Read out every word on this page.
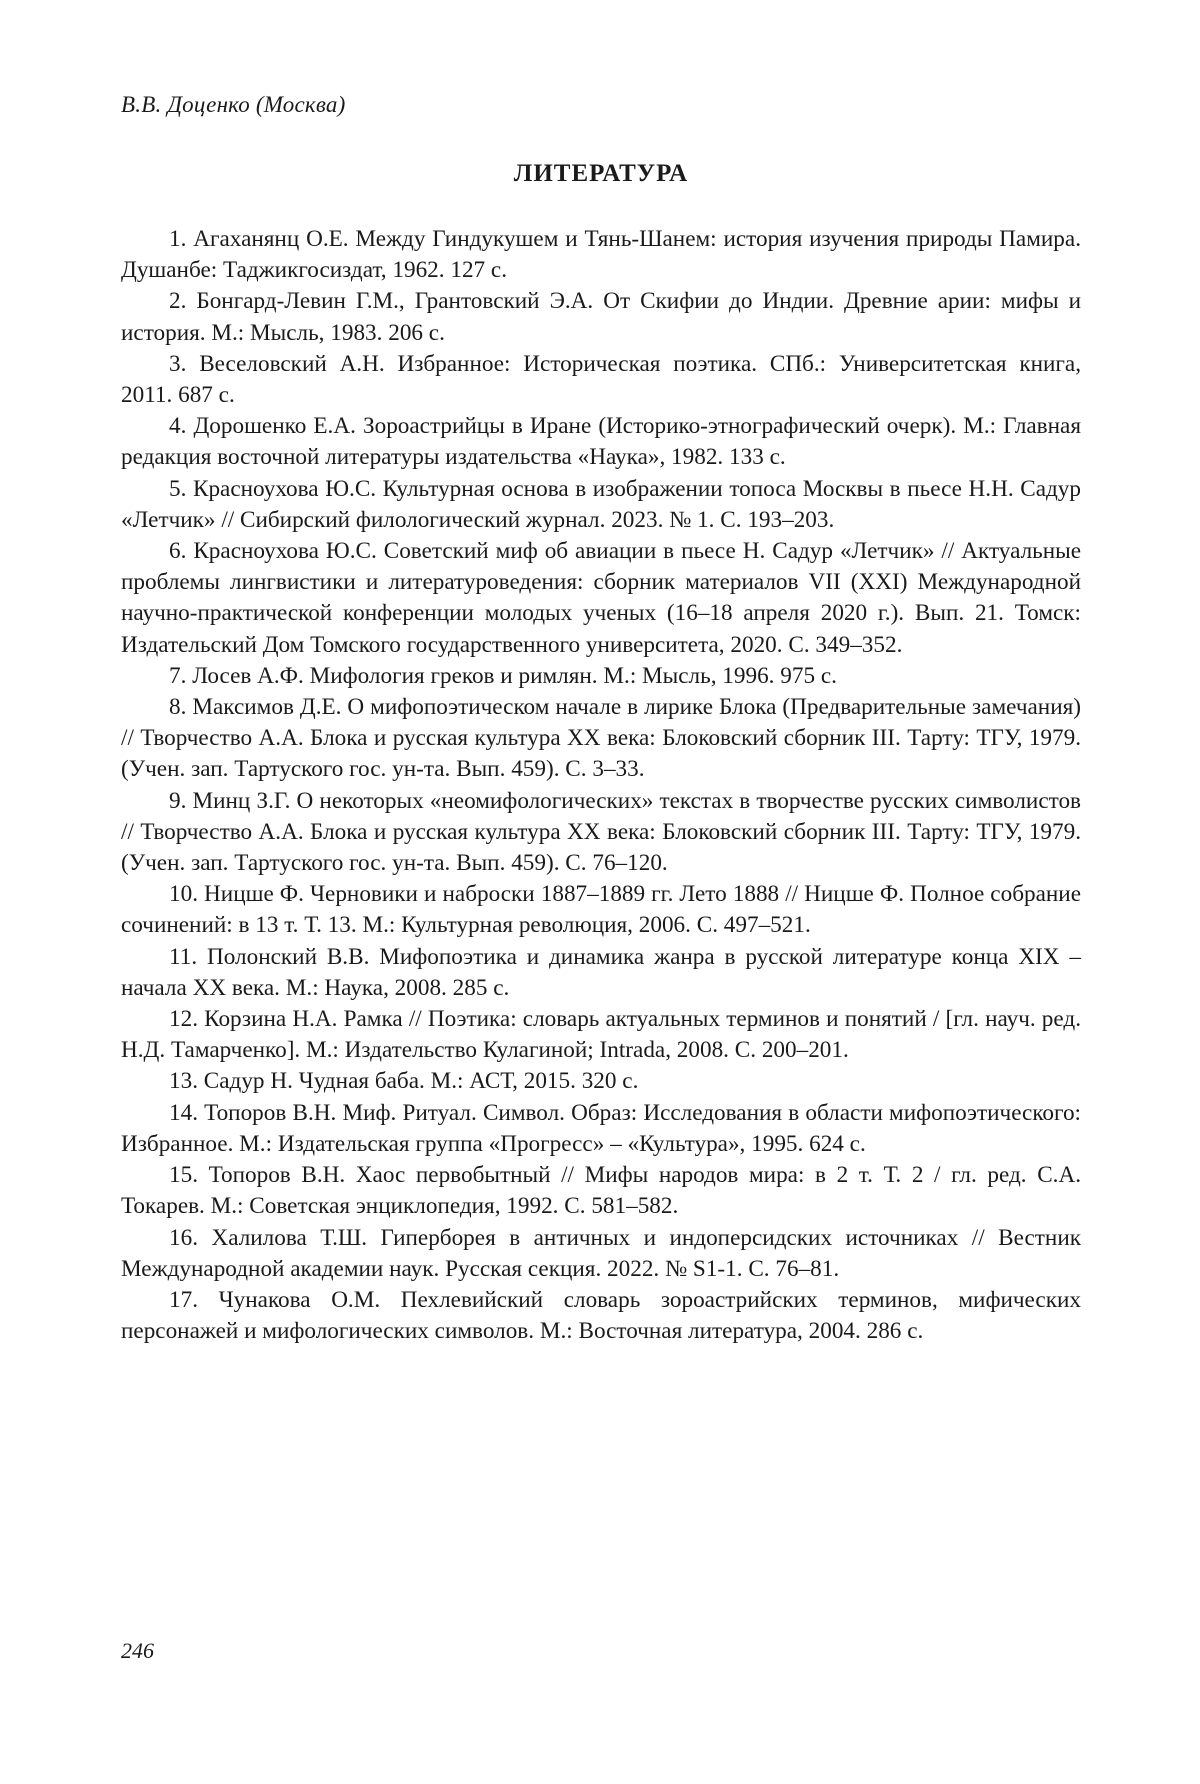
В.В. Доценко (Москва)
ЛИТЕРАТУРА
1. Агаханянц О.Е. Между Гиндукушем и Тянь-Шанем: история изучения природы Памира. Душанбе: Таджикгосиздат, 1962. 127 с.
2. Бонгард-Левин Г.М., Грантовский Э.А. От Скифии до Индии. Древние арии: мифы и история. М.: Мысль, 1983. 206 с.
3. Веселовский А.Н. Избранное: Историческая поэтика. СПб.: Университетская книга, 2011. 687 с.
4. Дорошенко Е.А. Зороастрийцы в Иране (Историко-этнографический очерк). М.: Главная редакция восточной литературы издательства «Наука», 1982. 133 с.
5. Красноухова Ю.С. Культурная основа в изображении топоса Москвы в пьесе Н.Н. Садур «Летчик» // Сибирский филологический журнал. 2023. № 1. С. 193–203.
6. Красноухова Ю.С. Советский миф об авиации в пьесе Н. Садур «Летчик» // Актуальные проблемы лингвистики и литературоведения: сборник материалов VII (XXI) Международной научно-практической конференции молодых ученых (16–18 апреля 2020 г.). Вып. 21. Томск: Издательский Дом Томского государственного университета, 2020. С. 349–352.
7. Лосев А.Ф. Мифология греков и римлян. М.: Мысль, 1996. 975 с.
8. Максимов Д.Е. О мифопоэтическом начале в лирике Блока (Предварительные замечания) // Творчество А.А. Блока и русская культура XX века: Блоковский сборник III. Тарту: ТГУ, 1979. (Учен. зап. Тартуского гос. ун-та. Вып. 459). С. 3–33.
9. Минц З.Г. О некоторых «неомифологических» текстах в творчестве русских символистов // Творчество А.А. Блока и русская культура XX века: Блоковский сборник III. Тарту: ТГУ, 1979. (Учен. зап. Тартуского гос. ун-та. Вып. 459). С. 76–120.
10. Ницше Ф. Черновики и наброски 1887–1889 гг. Лето 1888 // Ницше Ф. Полное собрание сочинений: в 13 т. Т. 13. М.: Культурная революция, 2006. С. 497–521.
11. Полонский В.В. Мифопоэтика и динамика жанра в русской литературе конца XIX – начала XX века. М.: Наука, 2008. 285 с.
12. Корзина Н.А. Рамка // Поэтика: словарь актуальных терминов и понятий / [гл. науч. ред. Н.Д. Тамарченко]. М.: Издательство Кулагиной; Intrada, 2008. С. 200–201.
13. Садур Н. Чудная баба. М.: АСТ, 2015. 320 с.
14. Топоров В.Н. Миф. Ритуал. Символ. Образ: Исследования в области мифопоэтического: Избранное. М.: Издательская группа «Прогресс» – «Культура», 1995. 624 с.
15. Топоров В.Н. Хаос первобытный // Мифы народов мира: в 2 т. Т. 2 / гл. ред. С.А. Токарев. М.: Советская энциклопедия, 1992. С. 581–582.
16. Халилова Т.Ш. Гиперборея в античных и индоперсидских источниках // Вестник Международной академии наук. Русская секция. 2022. № S1-1. С. 76–81.
17. Чунакова О.М. Пехлевийский словарь зороастрийских терминов, мифических персонажей и мифологических символов. М.: Восточная литература, 2004. 286 с.
246
